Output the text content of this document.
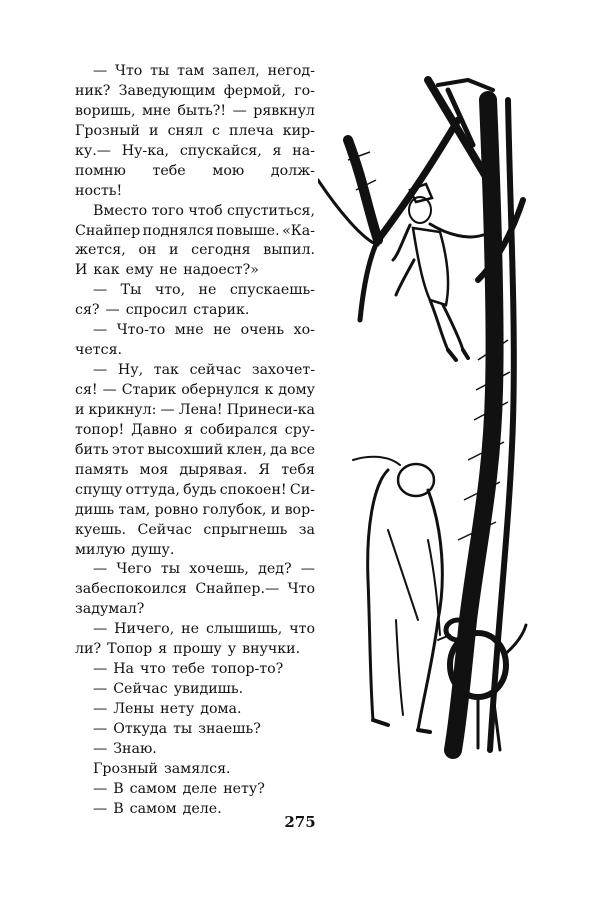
— Что ты там запел, негод-
ник? Заведующим фермой, го-
воришь, мне быть?! — рявкнул
Грозный и снял с плеча кир-
ку.— Ну-ка, спускайся, я на-
помню тебе мою долж-
ность!
Вместо того чтоб спуститься,
Снайпер поднялся повыше. «Ка-
жется, он и сегодня выпил.
И как ему не надоест?»
— Ты что, не спускаешь-
ся? — спросил старик.
— Что-то мне не очень хо-
чется.
— Ну, так сейчас захочет-
ся! — Старик обернулся к дому
и крикнул: — Лена! Принеси-ка
топор! Давно я собирался сру-
бить этот высохший клен, да все
память моя дырявая. Я тебя
спущу оттуда, будь спокоен! Си-
дишь там, ровно голубок, и вор-
куешь. Сейчас спрыгнешь за
милую душу.
— Чего ты хочешь, дед? —
забеспокоился Снайпер.— Что
задумал?
— Ничего, не слышишь, что
ли? Топор я прошу у внучки.
— На что тебе топор-то?
— Сейчас увидишь.
— Лены нету дома.
— Откуда ты знаешь?
— Знаю.
Грозный замялся.
— В самом деле нету?
— В самом деле.
275
